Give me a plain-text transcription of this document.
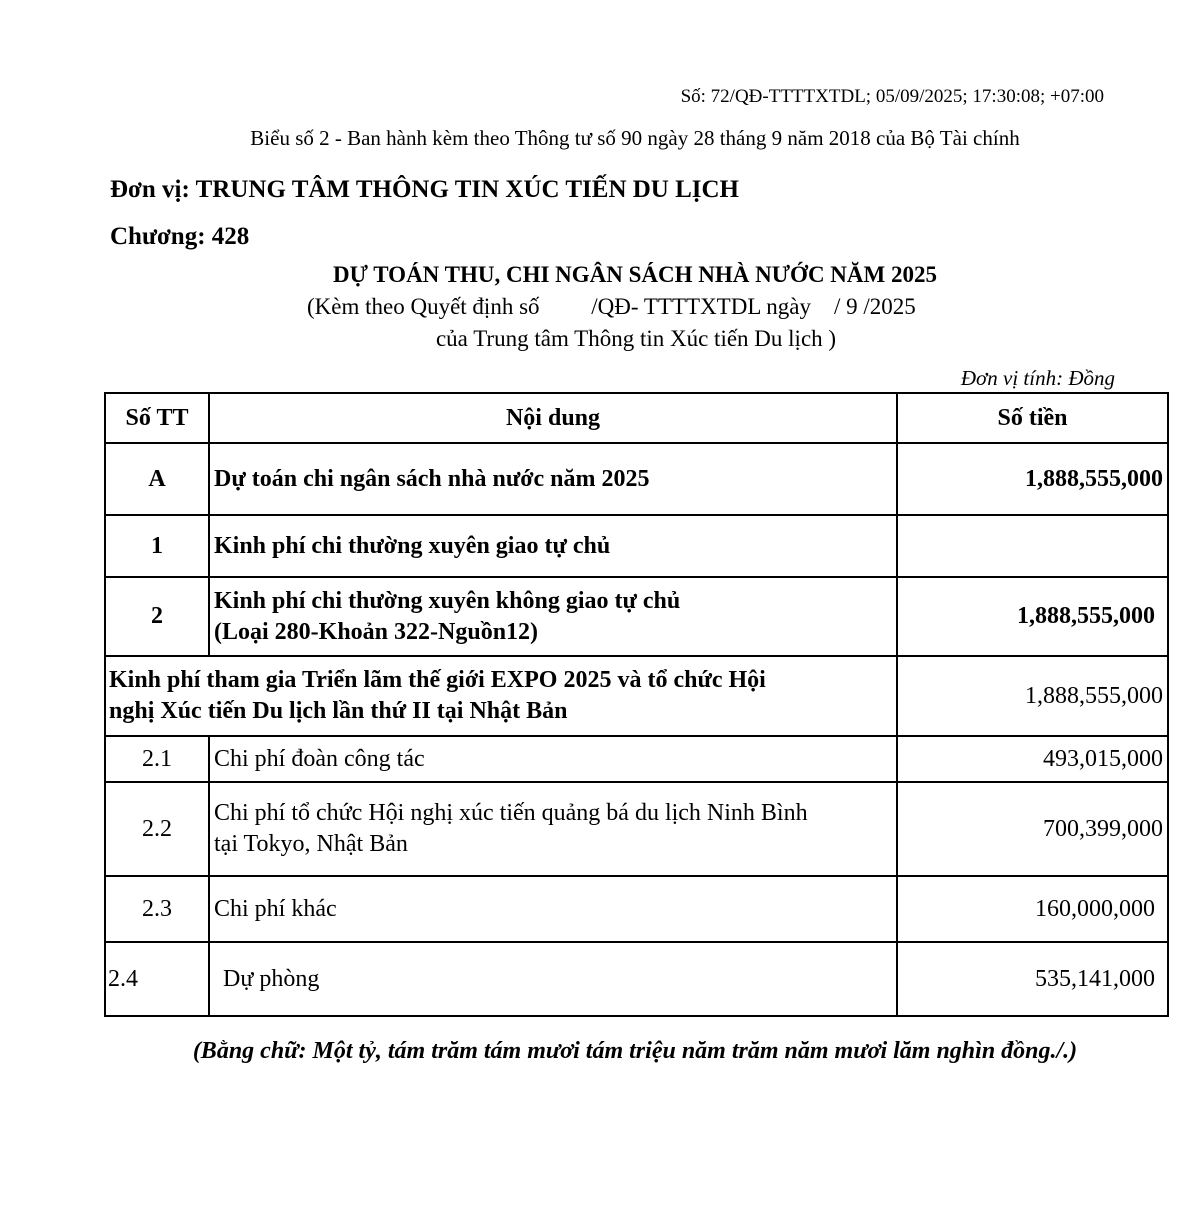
Số: 72/QĐ-TTTTXTDL; 05/09/2025; 17:30:08; +07:00
Biểu số 2 - Ban hành kèm theo Thông tư số 90 ngày 28 tháng 9 năm 2018 của Bộ Tài chính
Đơn vị: TRUNG TÂM THÔNG TIN XÚC TIẾN DU LỊCH
Chương: 428
DỰ TOÁN THU, CHI NGÂN SÁCH NHÀ NƯỚC NĂM 2025
(Kèm theo Quyết định số         /QĐ- TTTTXTDL ngày    / 9 /2025
của Trung tâm Thông tin Xúc tiến Du lịch )
Đơn vị tính: Đồng
Số TT	Nội dung	Số tiền
A	Dự toán chi ngân sách nhà nước năm 2025	1,888,555,000
1	Kinh phí chi thường xuyên giao tự chủ	
2	Kinh phí chi thường xuyên không giao tự chủ
(Loại 280-Khoản 322-Nguồn12)	1,888,555,000

Kinh phí tham gia Triển lãm thế giới EXPO 2025 và tổ chức Hội
nghị Xúc tiến Du lịch lần thứ II tại Nhật Bản		1,888,555,000
2.1	Chi phí đoàn công tác	493,015,000
2.2	Chi phí tổ chức Hội nghị xúc tiến quảng bá du lịch Ninh Bình
tại Tokyo, Nhật Bản	700,399,000
2.3	Chi phí khác	160,000,000
2.4	Dự phòng	535,141,000
(Bằng chữ: Một tỷ, tám trăm tám mươi tám triệu năm trăm năm mươi lăm nghìn đồng./.)
